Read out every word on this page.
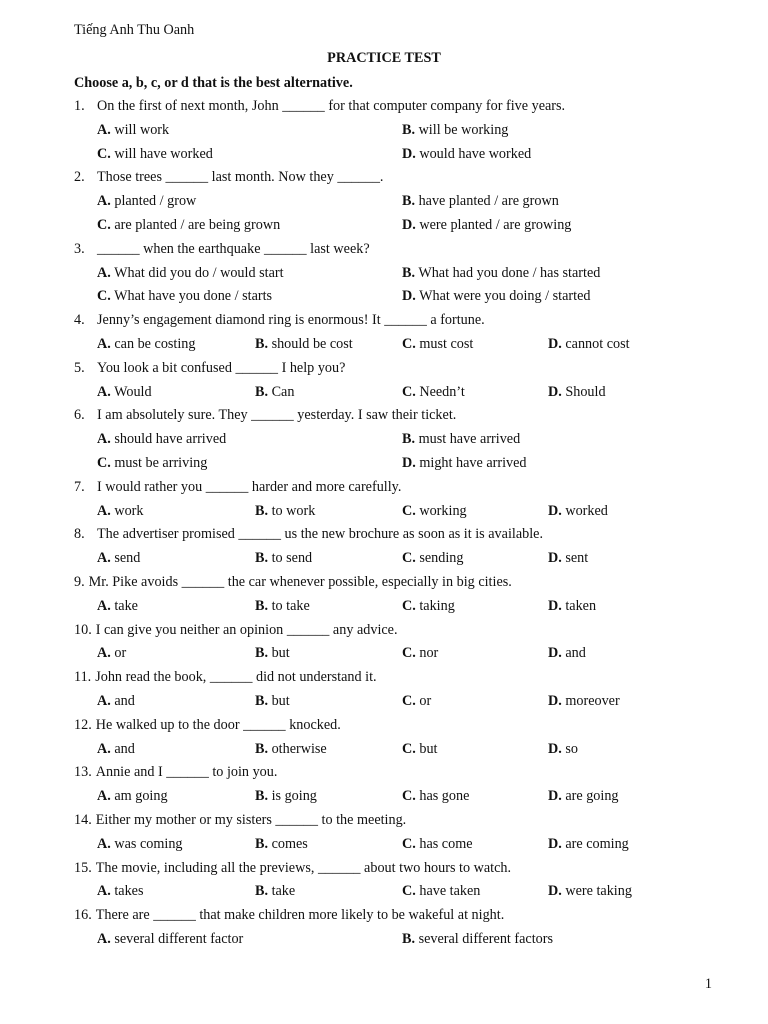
Tiếng Anh Thu Oanh
PRACTICE TEST
Choose a, b, c, or d that is the best alternative.
1. On the first of next month, John ______ for that computer company for five years.
A. will work	B. will be working
C. will have worked	D. would have worked
2. Those trees ______ last month. Now they ______.
A. planted / grow	B. have planted / are grown
C. are planted / are being grown	D. were planted / are growing
3. ______ when the earthquake ______ last week?
A. What did you do / would start	B. What had you done / has started
C. What have you done / starts	D. What were you doing / started
4. Jenny’s engagement diamond ring is enormous! It ______ a fortune.
A. can be costing	B. should be cost	C. must cost	D. cannot cost
5. You look a bit confused ______ I help you?
A. Would	B. Can	C. Needn’t	D. Should
6. I am absolutely sure. They ______ yesterday. I saw their ticket.
A. should have arrived	B. must have arrived
C. must be arriving	D. might have arrived
7. I would rather you ______ harder and more carefully.
A. work	B. to work	C. working	D. worked
8. The advertiser promised ______ us the new brochure as soon as it is available.
A. send	B. to send	C. sending	D. sent
9. Mr. Pike avoids ______ the car whenever possible, especially in big cities.
A. take	B. to take	C. taking	D. taken
10. I can give you neither an opinion ______ any advice.
A. or	B. but	C. nor	D. and
11. John read the book, ______ did not understand it.
A. and	B. but	C. or	D. moreover
12. He walked up to the door ______ knocked.
A. and	B. otherwise	C. but	D. so
13. Annie and I ______ to join you.
A. am going	B. is going	C. has gone	D. are going
14. Either my mother or my sisters ______ to the meeting.
A. was coming	B. comes	C. has come	D. are coming
15. The movie, including all the previews, ______ about two hours to watch.
A. takes	B. take	C. have taken	D. were taking
16. There are ______ that make children more likely to be wakeful at night.
A. several different factor	B. several different factors
1
